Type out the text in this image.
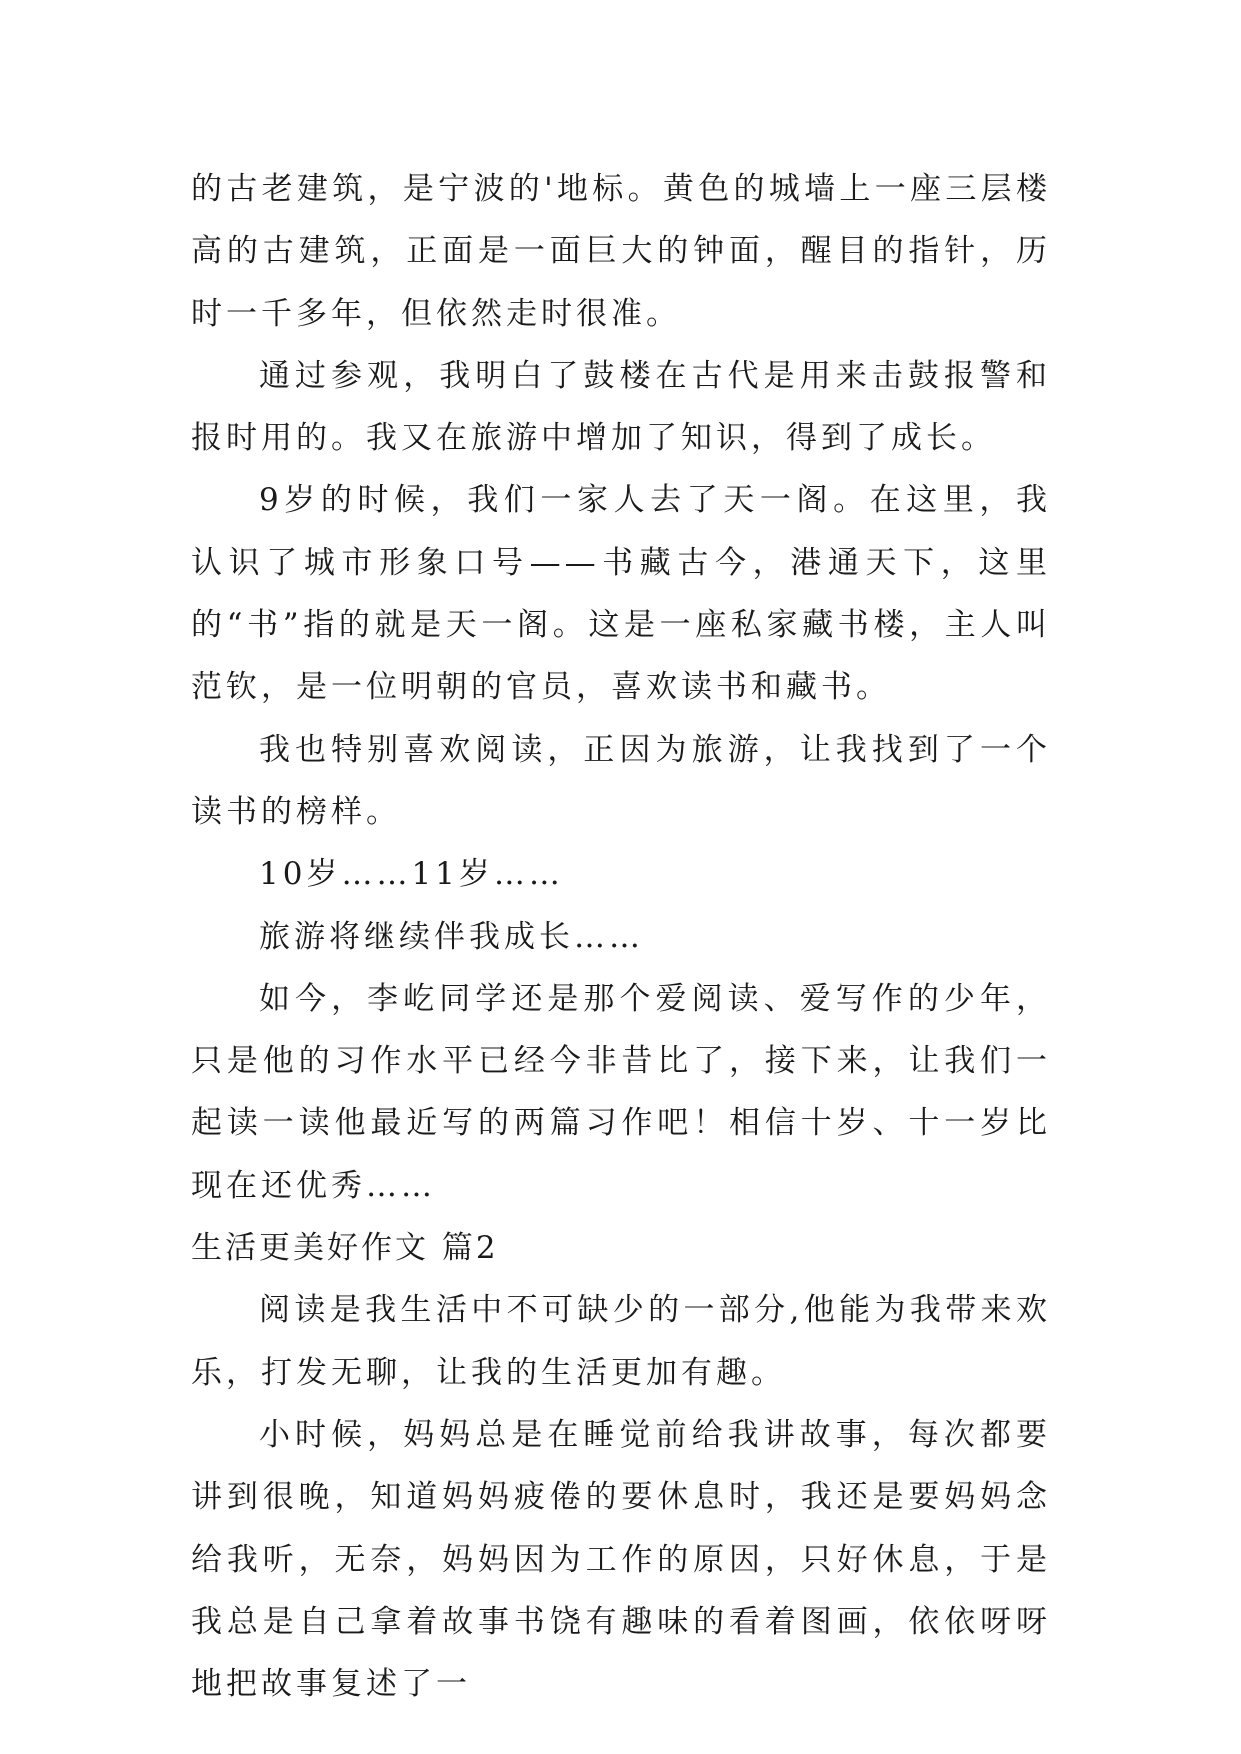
的古老建筑，是宁波的'地标。黄色的城墙上一座三层楼高的古建筑，正面是一面巨大的钟面，醒目的指针，历时一千多年，但依然走时很准。

通过参观，我明白了鼓楼在古代是用来击鼓报警和报时用的。我又在旅游中增加了知识，得到了成长。

9岁的时候，我们一家人去了天一阁。在这里，我认识了城市形象口号——书藏古今，港通天下，这里的“书”指的就是天一阁。这是一座私家藏书楼，主人叫范钦，是一位明朝的官员，喜欢读书和藏书。

我也特别喜欢阅读，正因为旅游，让我找到了一个读书的榜样。

10岁……11岁……

旅游将继续伴我成长……

如今，李屹同学还是那个爱阅读、爱写作的少年，只是他的习作水平已经今非昔比了，接下来，让我们一起读一读他最近写的两篇习作吧！相信十岁、十一岁比现在还优秀……

生活更美好作文 篇2

阅读是我生活中不可缺少的一部分,他能为我带来欢乐，打发无聊，让我的生活更加有趣。

小时候，妈妈总是在睡觉前给我讲故事，每次都要讲到很晚，知道妈妈疲倦的要休息时，我还是要妈妈念给我听，无奈，妈妈因为工作的原因，只好休息，于是我总是自己拿着故事书饶有趣味的看着图画，依依呀呀地把故事复述了一
